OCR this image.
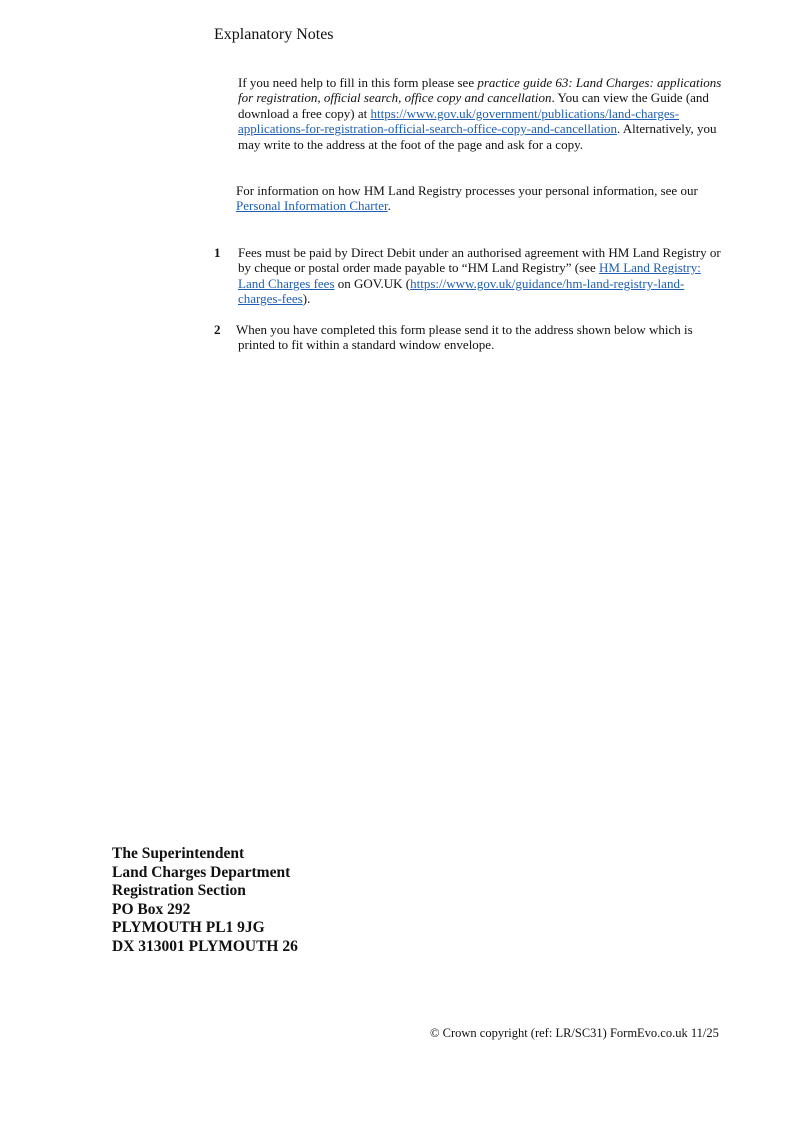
Explanatory Notes
If you need help to fill in this form please see practice guide 63: Land Charges: applications for registration, official search, office copy and cancellation. You can view the Guide (and download a free copy) at https://www.gov.uk/government/publications/land-charges-applications-for-registration-official-search-office-copy-and-cancellation. Alternatively, you may write to the address at the foot of the page and ask for a copy.
For information on how HM Land Registry processes your personal information, see our Personal Information Charter.
1 Fees must be paid by Direct Debit under an authorised agreement with HM Land Registry or by cheque or postal order made payable to “HM Land Registry” (see HM Land Registry: Land Charges fees on GOV.UK (https://www.gov.uk/guidance/hm-land-registry-land-charges-fees).
2 When you have completed this form please send it to the address shown below which is
printed to fit within a standard window envelope.
The Superintendent
Land Charges Department
Registration Section
PO Box 292
PLYMOUTH PL1 9JG
DX 313001 PLYMOUTH 26
© Crown copyright (ref: LR/SC31) FormEvo.co.uk 11/25
